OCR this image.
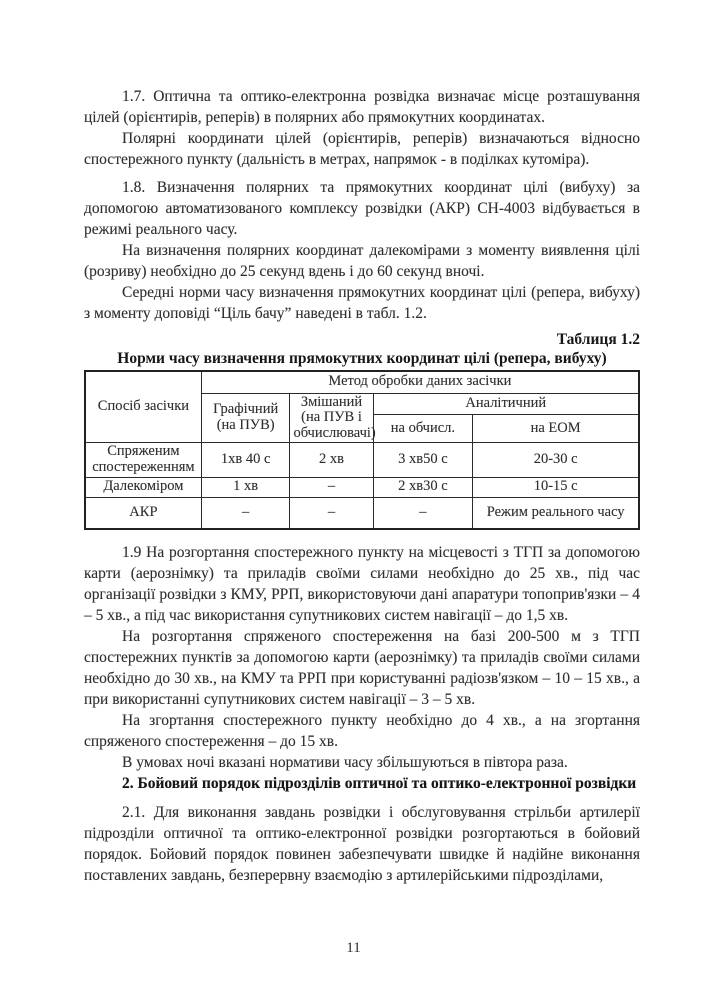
1.7. Оптична та оптико-електронна розвідка визначає місце розташування цілей (орієнтирів, реперів) в полярних або прямокутних координатах.

Полярні координати цілей (орієнтирів, реперів) визначаються відносно спостережного пункту (дальність в метрах, напрямок - в поділках кутоміра).

1.8. Визначення полярних та прямокутних координат цілі (вибуху) за допомогою автоматизованого комплексу розвідки (АКР) СН-4003 відбувається в режимі реального часу.

На визначення полярних координат далекомірами з моменту виявлення цілі (розриву) необхідно до 25 секунд вдень і до 60 секунд вночі.

Середні норми часу визначення прямокутних координат цілі (репера, вибуху) з моменту доповіді “Ціль бачу” наведені в табл. 1.2.

Таблиця 1.2
Норми часу визначення прямокутних координат цілі (репера, вибуху)
Спосіб засічки	Метод обробки даних засічки			
	Графічний (на ПУВ)	Змішаний (на ПУВ і обчислювачі)	Аналітичний	
			на обчисл.	на ЕОМ
Спряженим спостереженням	1хв 40 с	2 хв	3 хв50 с	20-30 с
Далекоміром	1 хв	–	2 хв30 с	10-15 с
АКР	–	–	–	Режим реального часу

1.9 На розгортання спостережного пункту на місцевості з ТГП за допомогою карти (аерознімку) та приладів своїми силами необхідно до 25 хв., під час організації розвідки з КМУ, РРП, використовуючи дані апаратури топоприв'язки – 4 – 5 хв., а під час використання супутникових систем навігації – до 1,5 хв.

На розгортання спряженого спостереження на базі 200-500 м з ТГП спостережних пунктів за допомогою карти (аерознімку) та приладів своїми силами необхідно до 30 хв., на КМУ та РРП при користуванні радіозв'язком – 10 – 15 хв., а при використанні супутникових систем навігації – 3 – 5 хв.

На згортання спостережного пункту необхідно до 4 хв., а на згортання спряженого спостереження – до 15 хв.

В умовах ночі вказані нормативи часу збільшуються в півтора раза.

2. Бойовий порядок підрозділів оптичної та оптико-електронної розвідки

2.1. Для виконання завдань розвідки і обслуговування стрільби артилерії підрозділи оптичної та оптико-електронної розвідки розгортаються в бойовий порядок. Бойовий порядок повинен забезпечувати швидке й надійне виконання поставлених завдань, безперервну взаємодію з артилерійськими підрозділами,

11
